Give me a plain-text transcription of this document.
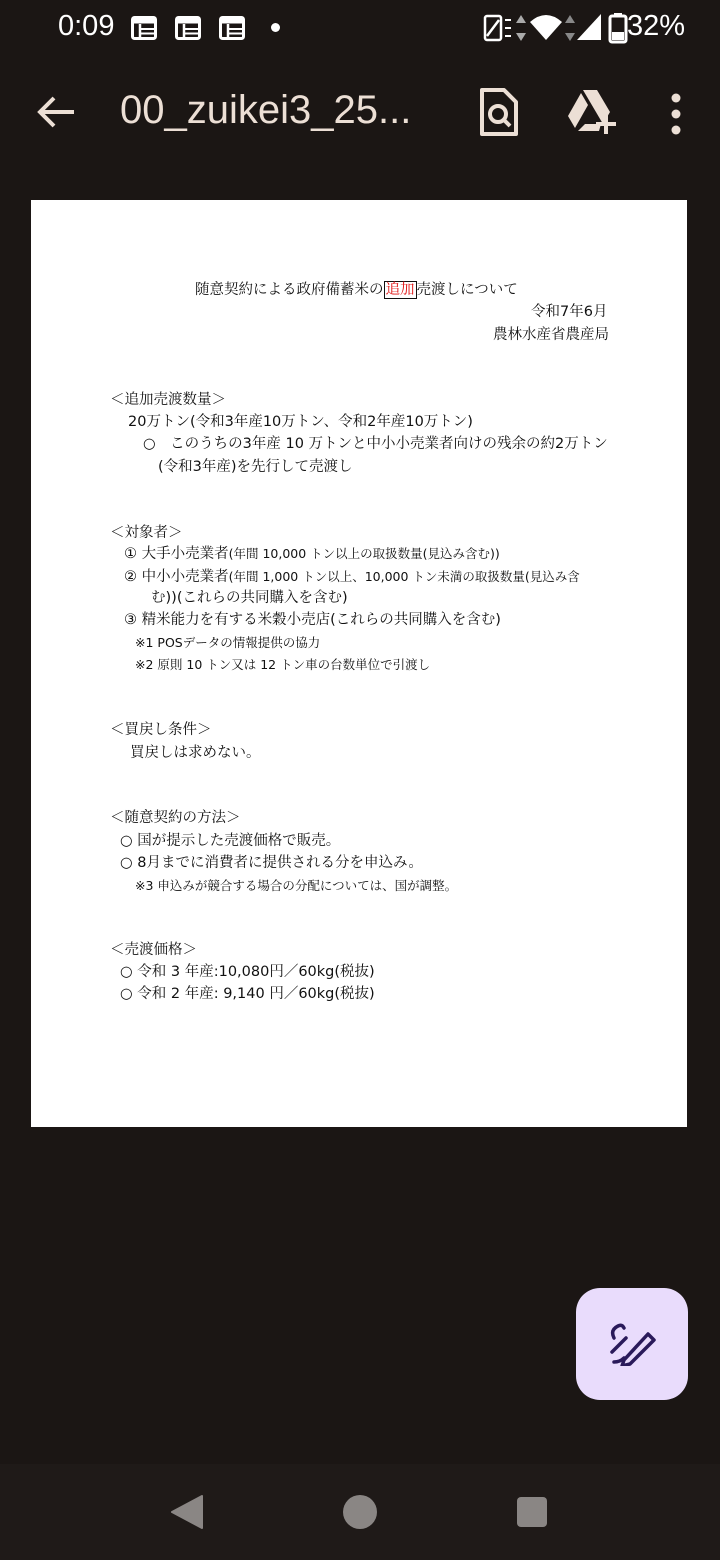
0:09	32%
00_zuikei3_25...
随意契約による政府備蓄米の 追加 売渡しについて
令和7年6月
農林水産省農産局
＜追加売渡数量＞
20万トン(令和3年産10万トン、令和2年産10万トン)
○　このうちの3年産 10 万トンと中小小売業者向けの残余の約2万トン
(令和3年産)を先行して売渡し
＜対象者＞
① 大手小売業者(年間 10,000 トン以上の取扱数量(見込み含む))
② 中小小売業者(年間 1,000 トン以上、10,000 トン未満の取扱数量(見込み含
む))(これらの共同購入を含む)
③ 精米能力を有する米穀小売店(これらの共同購入を含む)
※1 POSデータの情報提供の協力
※2 原則 10 トン又は 12 トン車の台数単位で引渡し
＜買戻し条件＞
買戻しは求めない。
＜随意契約の方法＞
○ 国が提示した売渡価格で販売。
○ 8月までに消費者に提供される分を申込み。
※3 申込みが競合する場合の分配については、国が調整。
＜売渡価格＞
○ 令和 3 年産:10,080円／60kg(税抜)
○ 令和 2 年産: 9,140 円／60kg(税抜)
